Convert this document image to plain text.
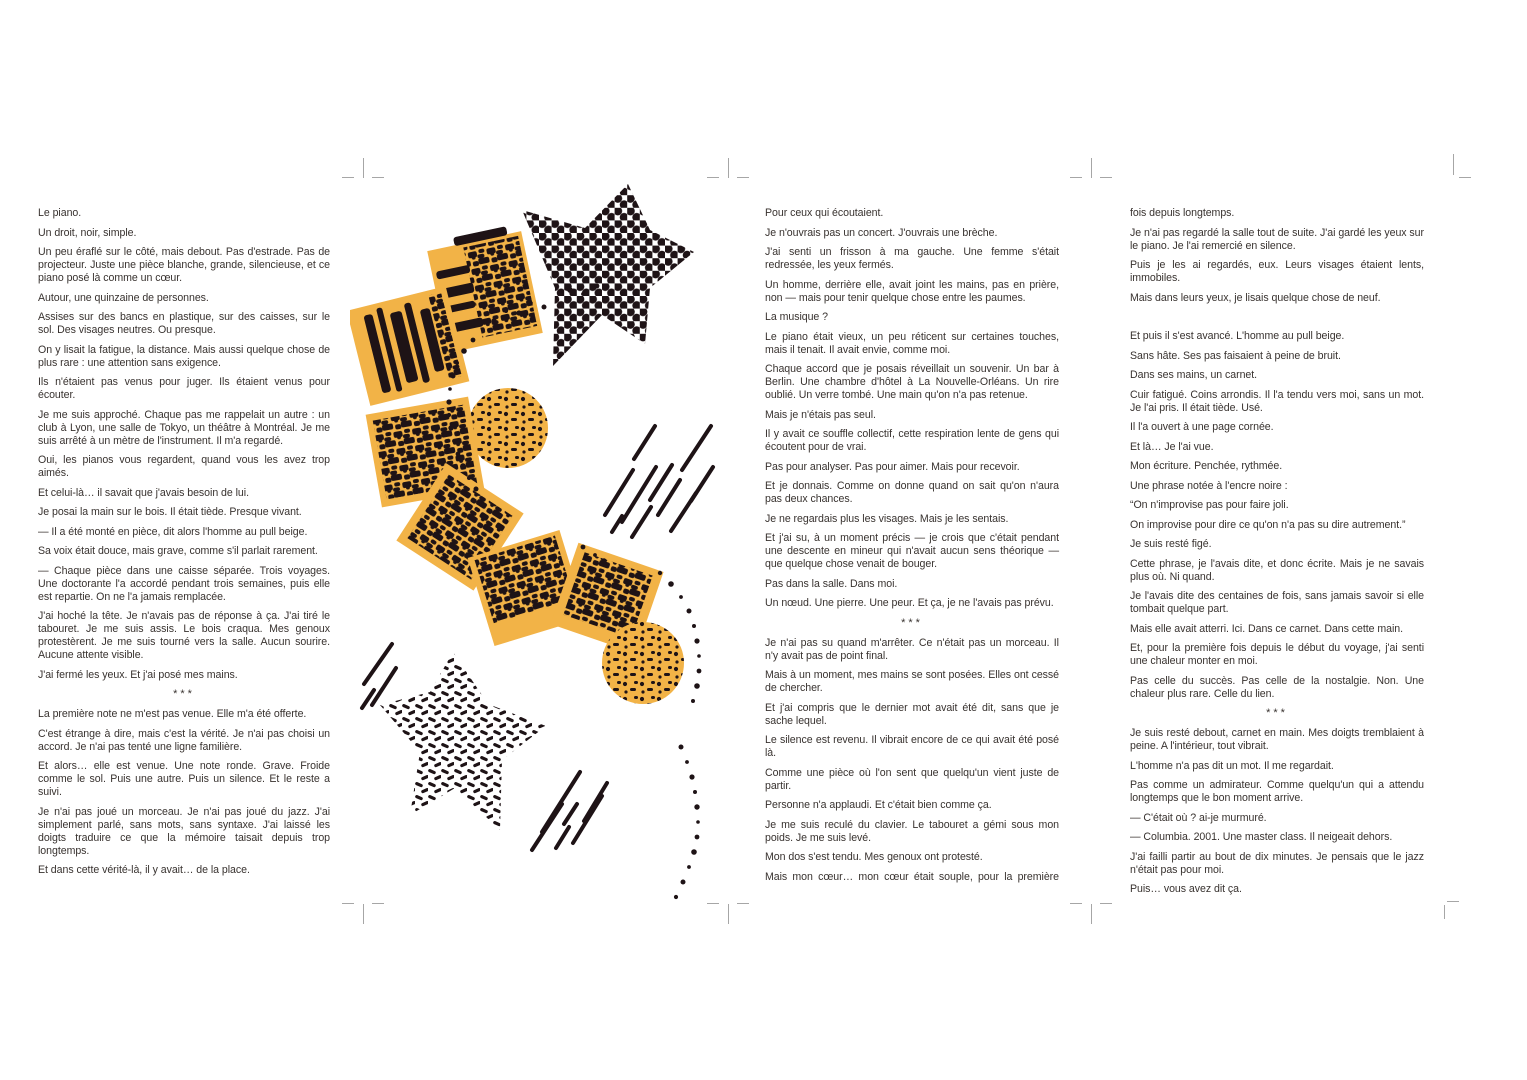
Le piano.
Un droit, noir, simple.
Un peu éraflé sur le côté, mais debout. Pas d'estrade. Pas de projecteur. Juste une pièce blanche, grande, silencieuse, et ce piano posé là comme un cœur.
Autour, une quinzaine de personnes.
Assises sur des bancs en plastique, sur des caisses, sur le sol. Des visages neutres. Ou presque.
On y lisait la fatigue, la distance. Mais aussi quelque chose de plus rare : une attention sans exigence.
Ils n'étaient pas venus pour juger. Ils étaient venus pour écouter.
Je me suis approché. Chaque pas me rappelait un autre : un club à Lyon, une salle de Tokyo, un théâtre à Montréal. Je me suis arrêté à un mètre de l'instrument. Il m'a regardé.
Oui, les pianos vous regardent, quand vous les avez trop aimés.
Et celui-là… il savait que j'avais besoin de lui.
Je posai la main sur le bois. Il était tiède. Presque vivant.
— Il a été monté en pièce, dit alors l'homme au pull beige.
Sa voix était douce, mais grave, comme s'il parlait rarement.
— Chaque pièce dans une caisse séparée. Trois voyages. Une doctorante l'a accordé pendant trois semaines, puis elle est repartie. On ne l'a jamais remplacée.
J'ai hoché la tête. Je n'avais pas de réponse à ça. J'ai tiré le tabouret. Je me suis assis. Le bois craqua. Mes genoux protestèrent. Je me suis tourné vers la salle. Aucun sourire. Aucune attente visible.
J'ai fermé les yeux. Et j'ai posé mes mains.
***
La première note ne m'est pas venue. Elle m'a été offerte.
C'est étrange à dire, mais c'est la vérité. Je n'ai pas choisi un accord. Je n'ai pas tenté une ligne familière.
Et alors… elle est venue. Une note ronde. Grave. Froide comme le sol. Puis une autre. Puis un silence. Et le reste a suivi.
Je n'ai pas joué un morceau. Je n'ai pas joué du jazz. J'ai simplement parlé, sans mots, sans syntaxe. J'ai laissé les doigts traduire ce que la mémoire taisait depuis trop longtemps.
Et dans cette vérité-là, il y avait… de la place.
Pour ceux qui écoutaient.
Je n'ouvrais pas un concert. J'ouvrais une brèche.
J'ai senti un frisson à ma gauche. Une femme s'était redressée, les yeux fermés.
Un homme, derrière elle, avait joint les mains, pas en prière, non — mais pour tenir quelque chose entre les paumes.
La musique ?
Le piano était vieux, un peu réticent sur certaines touches, mais il tenait. Il avait envie, comme moi.
Chaque accord que je posais réveillait un souvenir. Un bar à Berlin. Une chambre d'hôtel à La Nouvelle-Orléans. Un rire oublié. Un verre tombé. Une main qu'on n'a pas retenue.
Mais je n'étais pas seul.
Il y avait ce souffle collectif, cette respiration lente de gens qui écoutent pour de vrai.
Pas pour analyser. Pas pour aimer. Mais pour recevoir.
Et je donnais. Comme on donne quand on sait qu'on n'aura pas deux chances.
Je ne regardais plus les visages. Mais je les sentais.
Et j'ai su, à un moment précis — je crois que c'était pendant une descente en mineur qui n'avait aucun sens théorique — que quelque chose venait de bouger.
Pas dans la salle. Dans moi.
Un nœud. Une pierre. Une peur. Et ça, je ne l'avais pas prévu.
***
Je n'ai pas su quand m'arrêter. Ce n'était pas un morceau. Il n'y avait pas de point final.
Mais à un moment, mes mains se sont posées. Elles ont cessé de chercher.
Et j'ai compris que le dernier mot avait été dit, sans que je sache lequel.
Le silence est revenu. Il vibrait encore de ce qui avait été posé là.
Comme une pièce où l'on sent que quelqu'un vient juste de partir.
Personne n'a applaudi. Et c'était bien comme ça.
Je me suis reculé du clavier. Le tabouret a gémi sous mon poids. Je me suis levé.
Mon dos s'est tendu. Mes genoux ont protesté.
Mais mon cœur… mon cœur était souple, pour la première
fois depuis longtemps.
Je n'ai pas regardé la salle tout de suite. J'ai gardé les yeux sur le piano. Je l'ai remercié en silence.
Puis je les ai regardés, eux. Leurs visages étaient lents, immobiles.
Mais dans leurs yeux, je lisais quelque chose de neuf.
Et puis il s'est avancé. L'homme au pull beige.
Sans hâte. Ses pas faisaient à peine de bruit.
Dans ses mains, un carnet.
Cuir fatigué. Coins arrondis. Il l'a tendu vers moi, sans un mot. Je l'ai pris. Il était tiède. Usé.
Il l'a ouvert à une page cornée.
Et là… Je l'ai vue.
Mon écriture. Penchée, rythmée.
Une phrase notée à l'encre noire :
“On n'improvise pas pour faire joli.
On improvise pour dire ce qu'on n'a pas su dire autrement.”
Je suis resté figé.
Cette phrase, je l'avais dite, et donc écrite. Mais je ne savais plus où. Ni quand.
Je l'avais dite des centaines de fois, sans jamais savoir si elle tombait quelque part.
Mais elle avait atterri. Ici. Dans ce carnet. Dans cette main.
Et, pour la première fois depuis le début du voyage, j'ai senti une chaleur monter en moi.
Pas celle du succès. Pas celle de la nostalgie. Non. Une chaleur plus rare. Celle du lien.
***
Je suis resté debout, carnet en main. Mes doigts tremblaient à peine. A l'intérieur, tout vibrait.
L'homme n'a pas dit un mot. Il me regardait.
Pas comme un admirateur. Comme quelqu'un qui a attendu longtemps que le bon moment arrive.
— C'était où ? ai-je murmuré.
— Columbia. 2001. Une master class. Il neigeait dehors.
J'ai failli partir au bout de dix minutes. Je pensais que le jazz n'était pas pour moi.
Puis… vous avez dit ça.
